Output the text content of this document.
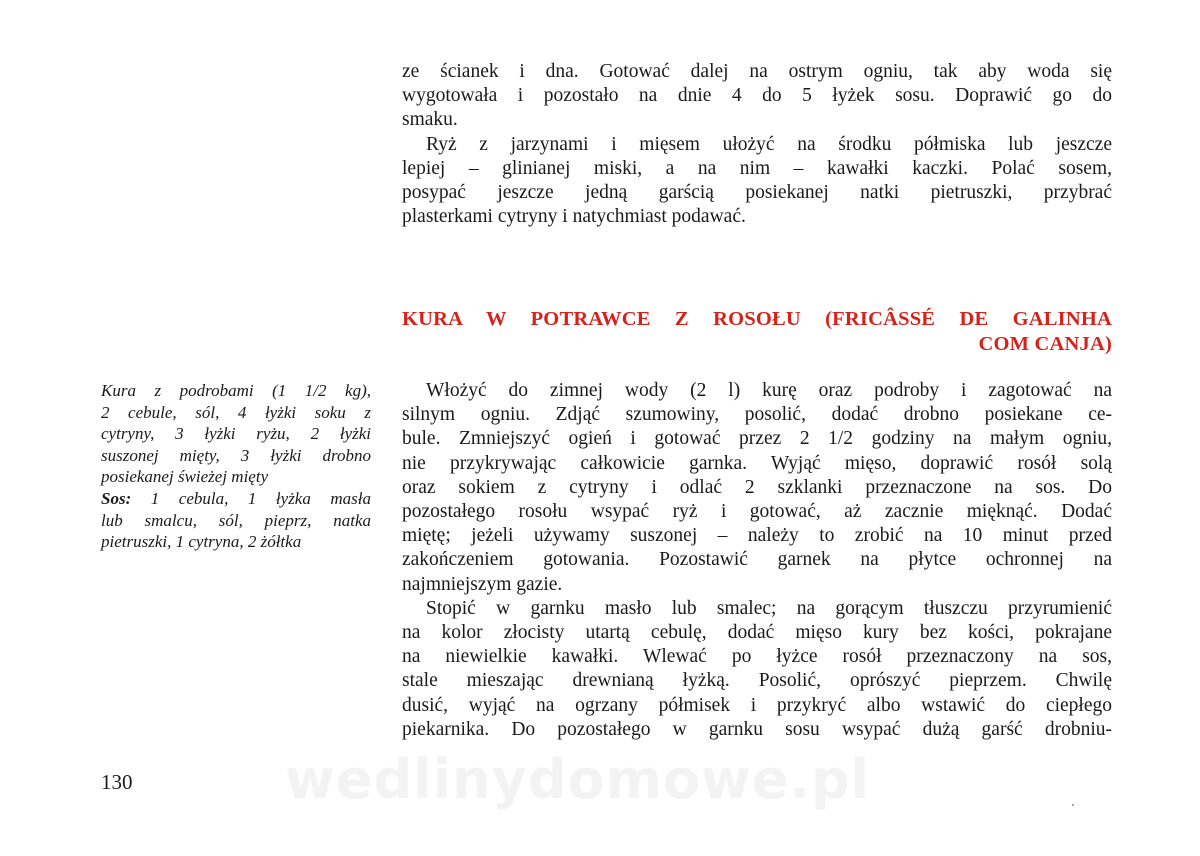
ze ścianek i dna. Gotować dalej na ostrym ogniu, tak aby woda się
wygotowała i pozostało na dnie 4 do 5 łyżek sosu. Doprawić go do
smaku.
Ryż z jarzynami i mięsem ułożyć na środku półmiska lub jeszcze
lepiej – glinianej miski, a na nim – kawałki kaczki. Polać sosem,
posypać jeszcze jedną garścią posiekanej natki pietruszki, przybrać
plasterkami cytryny i natychmiast podawać.
KURA W POTRAWCE Z ROSOŁU (FRICÂSSÉ DE GALINHA
COM CANJA)
Kura z podrobami (1 1/2 kg),
2 cebule, sól, 4 łyżki soku z
cytryny, 3 łyżki ryżu, 2 łyżki
suszonej mięty, 3 łyżki drobno
posiekanej świeżej mięty
Sos: 1 cebula, 1 łyżka masła
lub smalcu, sól, pieprz, natka
pietruszki, 1 cytryna, 2 żółtka
Włożyć do zimnej wody (2 l) kurę oraz podroby i zagotować na
silnym ogniu. Zdjąć szumowiny, posolić, dodać drobno posiekane ce-
bule. Zmniejszyć ogień i gotować przez 2 1/2 godziny na małym ogniu,
nie przykrywając całkowicie garnka. Wyjąć mięso, doprawić rosół solą
oraz sokiem z cytryny i odlać 2 szklanki przeznaczone na sos. Do
pozostałego rosołu wsypać ryż i gotować, aż zacznie mięknąć. Dodać
miętę; jeżeli używamy suszonej – należy to zrobić na 10 minut przed
zakończeniem gotowania. Pozostawić garnek na płytce ochronnej na
najmniejszym gazie.
Stopić w garnku masło lub smalec; na gorącym tłuszczu przyrumienić
na kolor złocisty utartą cebulę, dodać mięso kury bez kości, pokrajane
na niewielkie kawałki. Wlewać po łyżce rosół przeznaczony na sos,
stale mieszając drewnianą łyżką. Posolić, oprószyć pieprzem. Chwilę
dusić, wyjąć na ogrzany półmisek i przykryć albo wstawić do ciepłego
piekarnika. Do pozostałego w garnku sosu wsypać dużą garść drobniu-
wedlinydomowe.pl
130
